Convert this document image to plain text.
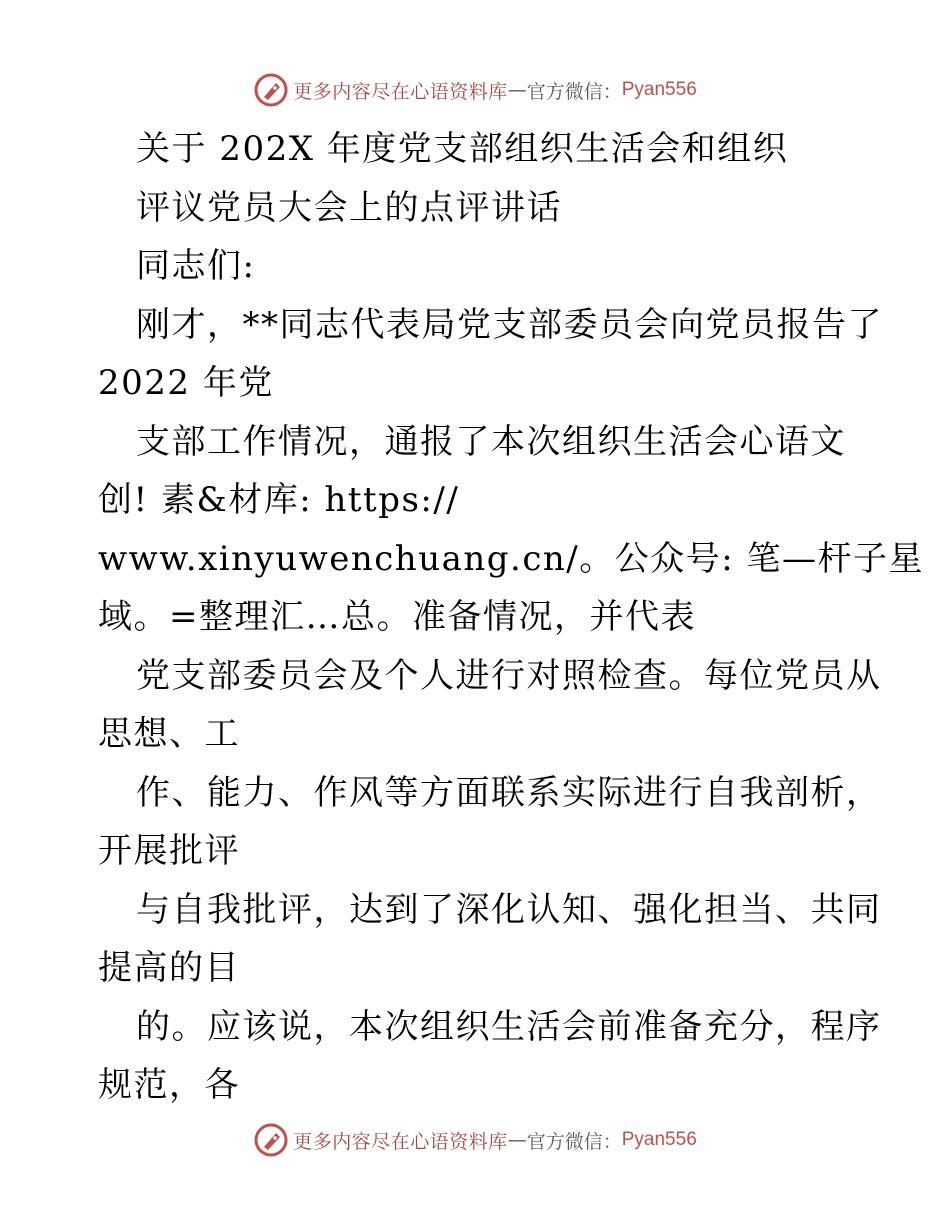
更多内容尽在心语资料库 — 官方微信： Pyan556
关于 202X 年度党支部组织生活会和组织
评议党员大会上的点评讲话
同志们:
刚才，**同志代表局党支部委员会向党员报告了
2022 年党
支部工作情况，通报了本次组织生活会心语文
创! 素&材库: https://
www.xinyuwenchuang.cn/。公众号: 笔—杆子星
域。=整理汇…总。准备情况，并代表
党支部委员会及个人进行对照检查。每位党员从
思想、工
作、能力、作风等方面联系实际进行自我剖析，
开展批评
与自我批评，达到了深化认知、强化担当、共同
提高的目
的。应该说，本次组织生活会前准备充分，程序
规范，各
更多内容尽在心语资料库 — 官方微信： Pyan556
